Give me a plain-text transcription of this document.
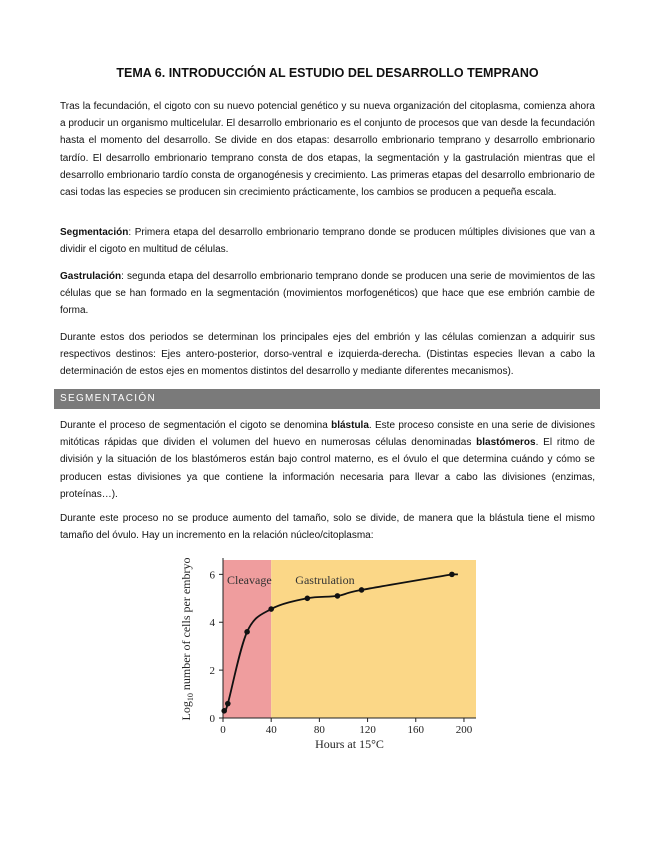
TEMA 6. INTRODUCCIÓN AL ESTUDIO DEL DESARROLLO TEMPRANO

Tras la fecundación, el cigoto con su nuevo potencial genético y su nueva organización del citoplasma, comienza ahora a producir un organismo multicelular. El desarrollo embrionario es el conjunto de procesos que van desde la fecundación hasta el momento del desarrollo. Se divide en dos etapas: desarrollo embrionario temprano y desarrollo embrionario tardío. El desarrollo embrionario temprano consta de dos etapas, la segmentación y la gastrulación mientras que el desarrollo embrionario tardío consta de organogénesis y crecimiento. Las primeras etapas del desarrollo embrionario de casi todas las especies se producen sin crecimiento prácticamente, los cambios se producen a pequeña escala.

Segmentación: Primera etapa del desarrollo embrionario temprano donde se producen múltiples divisiones que van a dividir el cigoto en multitud de células.

Gastrulación: segunda etapa del desarrollo embrionario temprano donde se producen una serie de movimientos de las células que se han formado en la segmentación (movimientos morfogenéticos) que hace que ese embrión cambie de forma.

Durante estos dos periodos se determinan los principales ejes del embrión y las células comienzan a adquirir sus respectivos destinos: Ejes antero-posterior, dorso-ventral e izquierda-derecha. (Distintas especies llevan a cabo la determinación de estos ejes en momentos distintos del desarrollo y mediante diferentes mecanismos).

SEGMENTACIÓN

Durante el proceso de segmentación el cigoto se denomina blástula. Este proceso consiste en una serie de divisiones mitóticas rápidas que dividen el volumen del huevo en numerosas células denominadas blastómeros. El ritmo de división y la situación de los blastómeros están bajo control materno, es el óvulo el que determina cuándo y cómo se producen estas divisiones ya que contiene la información necesaria para llevar a cabo las divisiones (enzimas, proteínas…).

Durante este proceso no se produce aumento del tamaño, solo se divide, de manera que la blástula tiene el mismo tamaño del óvulo. Hay un incremento en la relación núcleo/citoplasma:

0	40	80	120	160	200
0
2
4
6 Cleavage Gastrulation
Hours at 15°C
Log$_{10}$ number of cells per embryo
